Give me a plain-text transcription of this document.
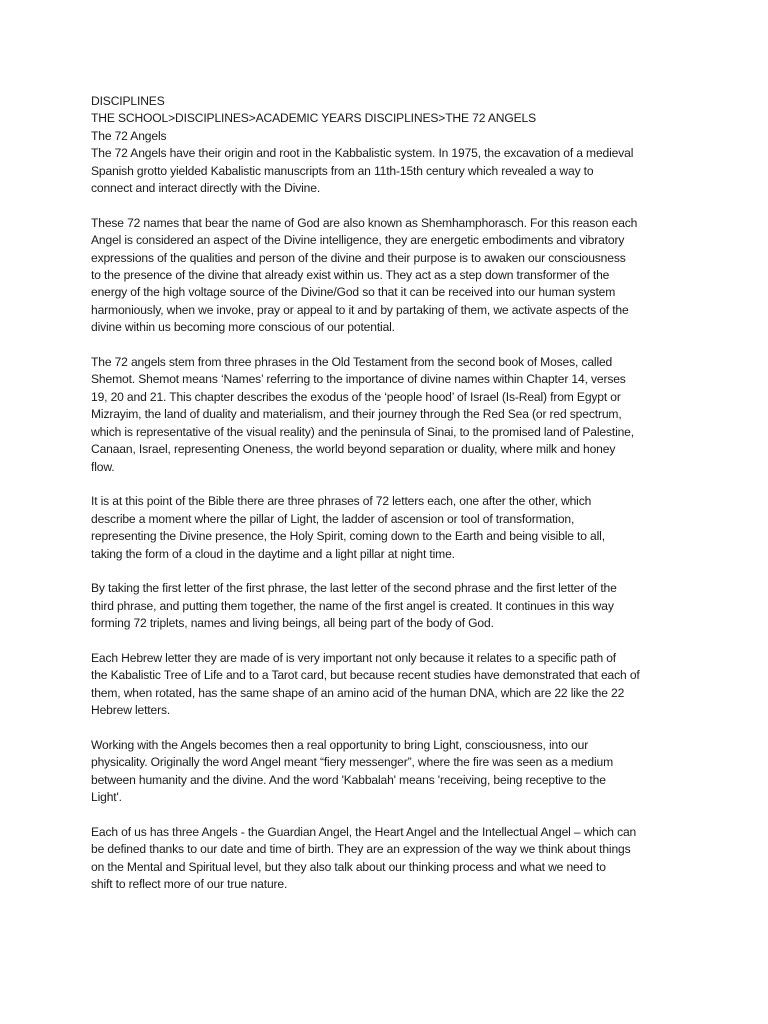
DISCIPLINES
THE SCHOOL>DISCIPLINES>ACADEMIC YEARS DISCIPLINES>THE 72 ANGELS
The 72 Angels

The 72 Angels have their origin and root in the Kabbalistic system. In 1975, the excavation of a medieval
Spanish grotto yielded Kabalistic manuscripts from an 11th-15th century which revealed a way to
connect and interact directly with the Divine.

These 72 names that bear the name of God are also known as Shemhamphorasch. For this reason each
Angel is considered an aspect of the Divine intelligence, they are energetic embodiments and vibratory
expressions of the qualities and person of the divine and their purpose is to awaken our consciousness
to the presence of the divine that already exist within us. They act as a step down transformer of the
energy of the high voltage source of the Divine/God so that it can be received into our human system
harmoniously, when we invoke, pray or appeal to it and by partaking of them, we activate aspects of the
divine within us becoming more conscious of our potential.

The 72 angels stem from three phrases in the Old Testament from the second book of Moses, called
Shemot. Shemot means ‘Names’ referring to the importance of divine names within Chapter 14, verses
19, 20 and 21. This chapter describes the exodus of the ‘people hood’ of Israel (Is-Real) from Egypt or
Mizrayim, the land of duality and materialism, and their journey through the Red Sea (or red spectrum,
which is representative of the visual reality) and the peninsula of Sinai, to the promised land of Palestine,
Canaan, Israel, representing Oneness, the world beyond separation or duality, where milk and honey
flow.

It is at this point of the Bible there are three phrases of 72 letters each, one after the other, which
describe a moment where the pillar of Light, the ladder of ascension or tool of transformation,
representing the Divine presence, the Holy Spirit, coming down to the Earth and being visible to all,
taking the form of a cloud in the daytime and a light pillar at night time.

By taking the first letter of the first phrase, the last letter of the second phrase and the first letter of the
third phrase, and putting them together, the name of the first angel is created. It continues in this way
forming 72 triplets, names and living beings, all being part of the body of God.

Each Hebrew letter they are made of is very important not only because it relates to a specific path of
the Kabalistic Tree of Life and to a Tarot card, but because recent studies have demonstrated that each of
them, when rotated, has the same shape of an amino acid of the human DNA, which are 22 like the 22
Hebrew letters.

Working with the Angels becomes then a real opportunity to bring Light, consciousness, into our
physicality. Originally the word Angel meant “fiery messenger”, where the fire was seen as a medium
between humanity and the divine. And the word 'Kabbalah' means 'receiving, being receptive to the
Light'.

Each of us has three Angels - the Guardian Angel, the Heart Angel and the Intellectual Angel – which can
be defined thanks to our date and time of birth. They are an expression of the way we think about things
on the Mental and Spiritual level, but they also talk about our thinking process and what we need to
shift to reflect more of our true nature.
